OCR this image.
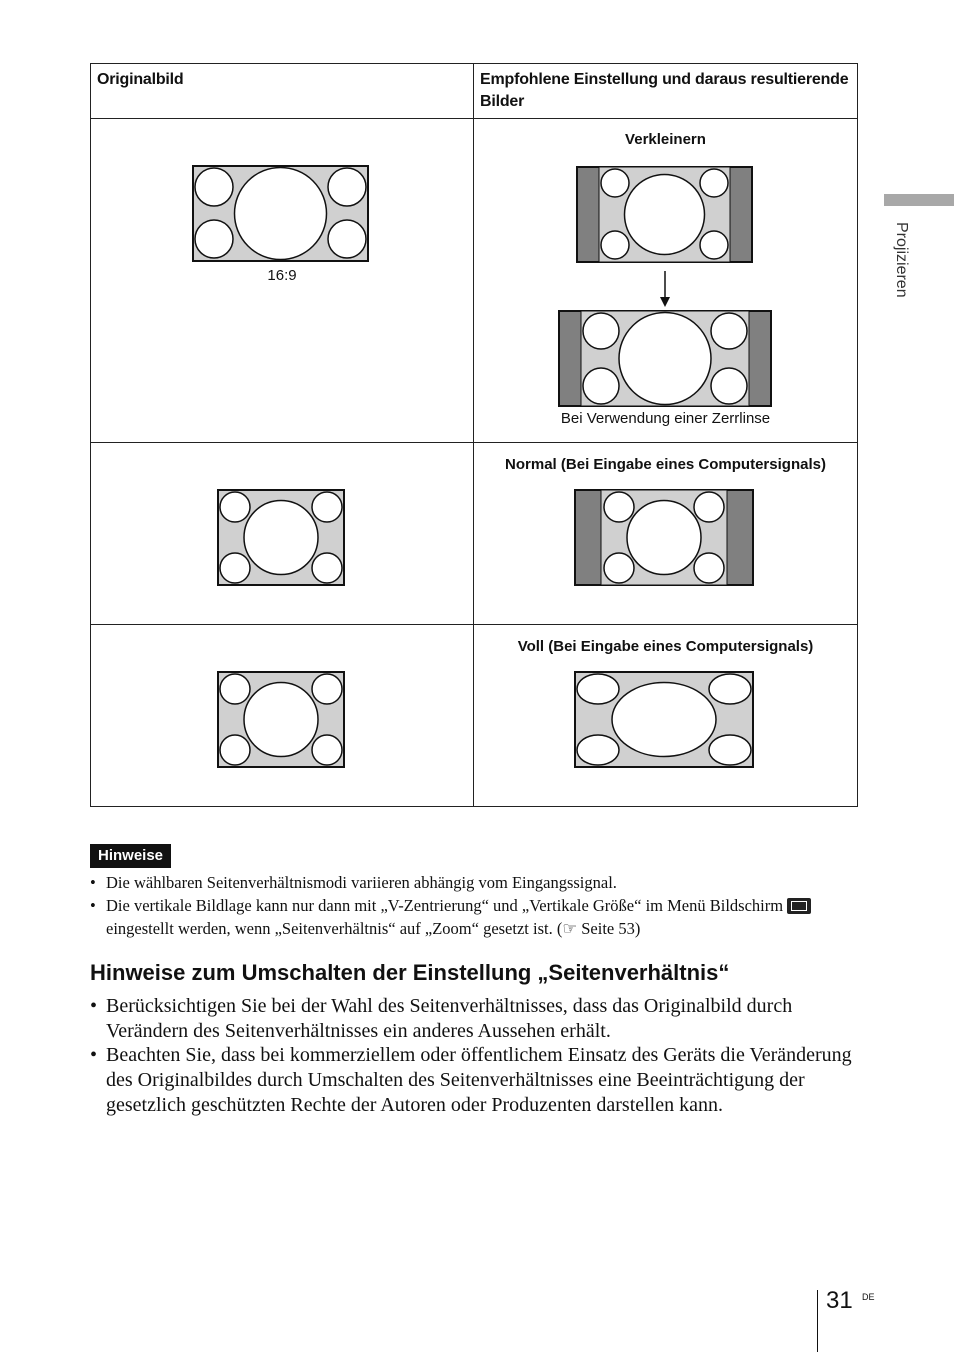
Originalbild	Empfohlene Einstellung und daraus resultierende Bilder

16:9	Verkleinern
Bei Verwendung einer Zerrlinse

Normal (Bei Eingabe eines Computersignals)

Voll (Bei Eingabe eines Computersignals)
Projizieren
Hinweise
• Die wählbaren Seitenverhältnismodi variieren abhängig vom Eingangssignal.
• Die vertikale Bildlage kann nur dann mit „V-Zentrierung“ und „Vertikale Größe“ im Menü Bildschirmeingestellt werden, wenn „Seitenverhältnis“ auf „Zoom“ gesetzt ist. (☞ Seite 53)
Hinweise zum Umschalten der Einstellung „Seitenverhältnis“
• Berücksichtigen Sie bei der Wahl des Seitenverhältnisses, dass das Originalbild durch Verändern des Seitenverhältnisses ein anderes Aussehen erhält.
• Beachten Sie, dass bei kommerziellem oder öffentlichem Einsatz des Geräts die Veränderung des Originalbildes durch Umschalten des Seitenverhältnisses eine Beeinträchtigung der gesetzlich geschützten Rechte der Autoren oder Produzenten darstellen kann.
31 DE
